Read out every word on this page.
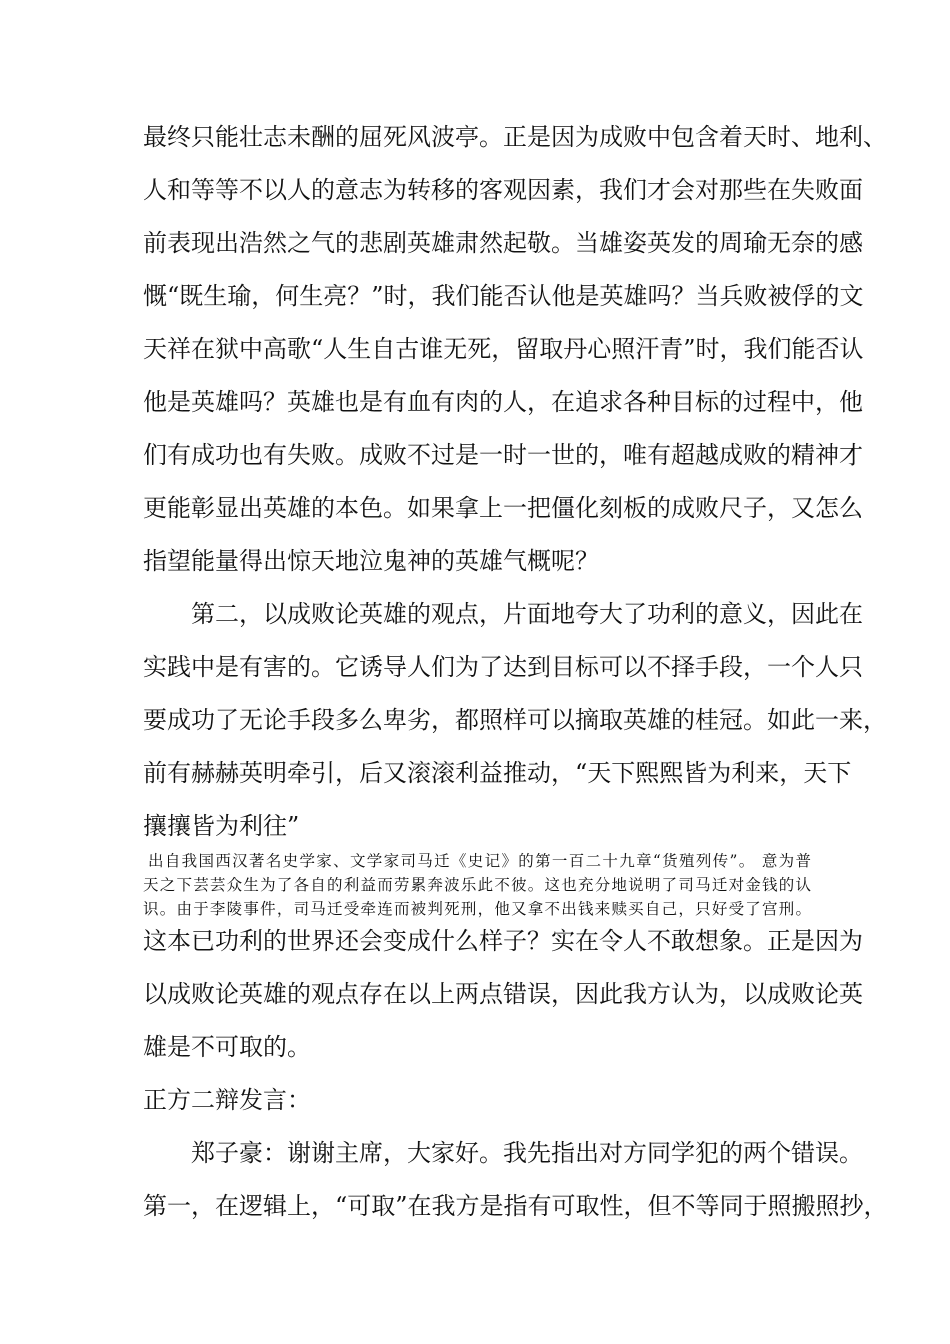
最终只能壮志未酬的屈死风波亭。正是因为成败中包含着天时、地利、
人和等等不以人的意志为转移的客观因素，我们才会对那些在失败面
前表现出浩然之气的悲剧英雄肃然起敬。当雄姿英发的周瑜无奈的感
慨“既生瑜，何生亮？”时，我们能否认他是英雄吗？当兵败被俘的文
天祥在狱中高歌“人生自古谁无死，留取丹心照汗青”时，我们能否认
他是英雄吗？英雄也是有血有肉的人，在追求各种目标的过程中，他
们有成功也有失败。成败不过是一时一世的，唯有超越成败的精神才
更能彰显出英雄的本色。如果拿上一把僵化刻板的成败尺子，又怎么
指望能量得出惊天地泣鬼神的英雄气概呢？
第二，以成败论英雄的观点，片面地夸大了功利的意义，因此在
实践中是有害的。它诱导人们为了达到目标可以不择手段，一个人只
要成功了无论手段多么卑劣，都照样可以摘取英雄的桂冠。如此一来，
前有赫赫英明牵引，后又滚滚利益推动，“天下熙熙皆为利来，天下
攘攘皆为利往”
出自我国西汉著名史学家、文学家司马迁《史记》的第一百二十九章“货殖列传”。 意为普
天之下芸芸众生为了各自的利益而劳累奔波乐此不彼。这也充分地说明了司马迁对金钱的认
识。由于李陵事件，司马迁受牵连而被判死刑，他又拿不出钱来赎买自己，只好受了宫刑。
这本已功利的世界还会变成什么样子？实在令人不敢想象。正是因为
以成败论英雄的观点存在以上两点错误，因此我方认为，以成败论英
雄是不可取的。
正方二辩发言：
郑子豪：谢谢主席，大家好。我先指出对方同学犯的两个错误。
第一，在逻辑上，“可取”在我方是指有可取性，但不等同于照搬照抄，
